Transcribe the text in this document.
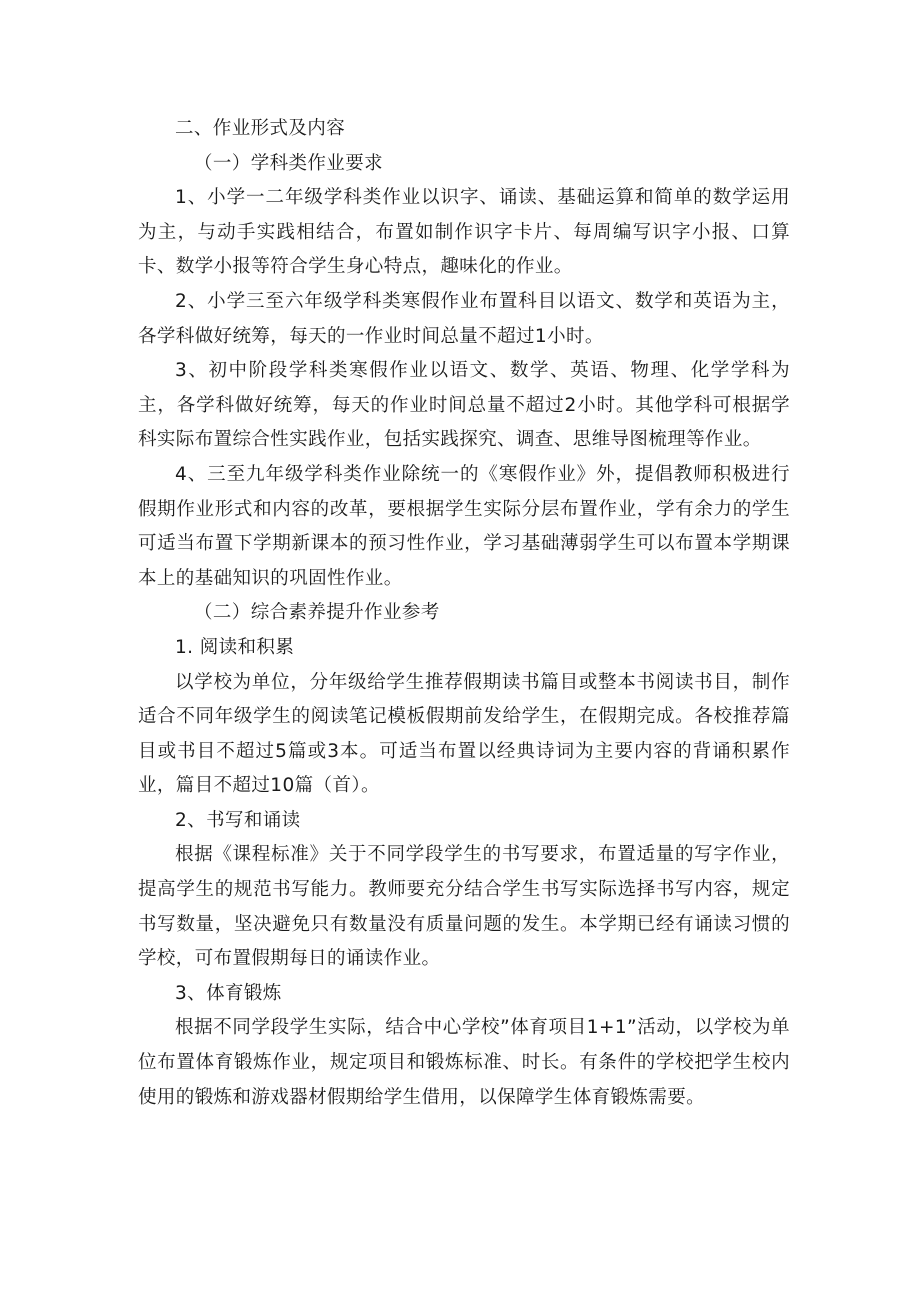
二、作业形式及内容

（一）学科类作业要求

1、小学一二年级学科类作业以识字、诵读、基础运算和简单的数学运用为主，与动手实践相结合，布置如制作识字卡片、每周编写识字小报、口算卡、数学小报等符合学生身心特点，趣味化的作业。

2、小学三至六年级学科类寒假作业布置科目以语文、数学和英语为主，各学科做好统筹，每天的一作业时间总量不超过1小时。

3、初中阶段学科类寒假作业以语文、数学、英语、物理、化学学科为主，各学科做好统筹，每天的作业时间总量不超过2小时。其他学科可根据学科实际布置综合性实践作业，包括实践探究、调查、思维导图梳理等作业。

4、三至九年级学科类作业除统一的《寒假作业》外，提倡教师积极进行假期作业形式和内容的改革，要根据学生实际分层布置作业，学有余力的学生可适当布置下学期新课本的预习性作业，学习基础薄弱学生可以布置本学期课本上的基础知识的巩固性作业。

（二）综合素养提升作业参考

1. 阅读和积累

以学校为单位，分年级给学生推荐假期读书篇目或整本书阅读书目，制作适合不同年级学生的阅读笔记模板假期前发给学生，在假期完成。各校推荐篇目或书目不超过5篇或3本。可适当布置以经典诗词为主要内容的背诵积累作业，篇目不超过10篇（首）。

2、书写和诵读

根据《课程标准》关于不同学段学生的书写要求，布置适量的写字作业，提高学生的规范书写能力。教师要充分结合学生书写实际选择书写内容，规定书写数量，坚决避免只有数量没有质量问题的发生。本学期已经有诵读习惯的学校，可布置假期每日的诵读作业。

3、体育锻炼

根据不同学段学生实际，结合中心学校”体育项目1+1”活动，以学校为单位布置体育锻炼作业，规定项目和锻炼标准、时长。有条件的学校把学生校内使用的锻炼和游戏器材假期给学生借用，以保障学生体育锻炼需要。
